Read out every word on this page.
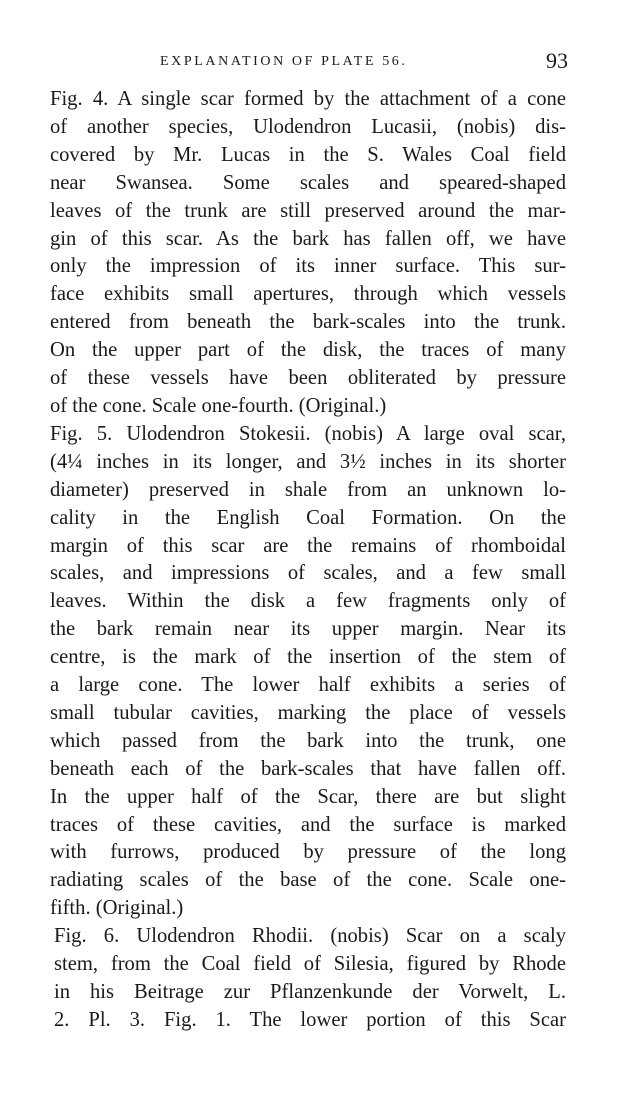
EXPLANATION OF PLATE 56.	93

Fig. 4. A single scar formed by the attachment of a cone
of another species, Ulodendron Lucasii, (nobis) dis-
covered by Mr. Lucas in the S. Wales Coal field
near Swansea. Some scales and speared-shaped
leaves of the trunk are still preserved around the mar-
gin of this scar. As the bark has fallen off, we have
only the impression of its inner surface. This sur-
face exhibits small apertures, through which vessels
entered from beneath the bark-scales into the trunk.
On the upper part of the disk, the traces of many
of these vessels have been obliterated by pressure
of the cone. Scale one-fourth. (Original.)

Fig. 5. Ulodendron Stokesii. (nobis) A large oval scar,
(4¼ inches in its longer, and 3½ inches in its shorter
diameter) preserved in shale from an unknown lo-
cality in the English Coal Formation. On the
margin of this scar are the remains of rhomboidal
scales, and impressions of scales, and a few small
leaves. Within the disk a few fragments only of
the bark remain near its upper margin. Near its
centre, is the mark of the insertion of the stem of
a large cone. The lower half exhibits a series of
small tubular cavities, marking the place of vessels
which passed from the bark into the trunk, one
beneath each of the bark-scales that have fallen off.
In the upper half of the Scar, there are but slight
traces of these cavities, and the surface is marked
with furrows, produced by pressure of the long
radiating scales of the base of the cone. Scale one-
fifth. (Original.)

Fig. 6. Ulodendron Rhodii. (nobis) Scar on a scaly
stem, from the Coal field of Silesia, figured by Rhode
in his Beitrage zur Pflanzenkunde der Vorwelt, L.
2. Pl. 3. Fig. 1. The lower portion of this Scar
